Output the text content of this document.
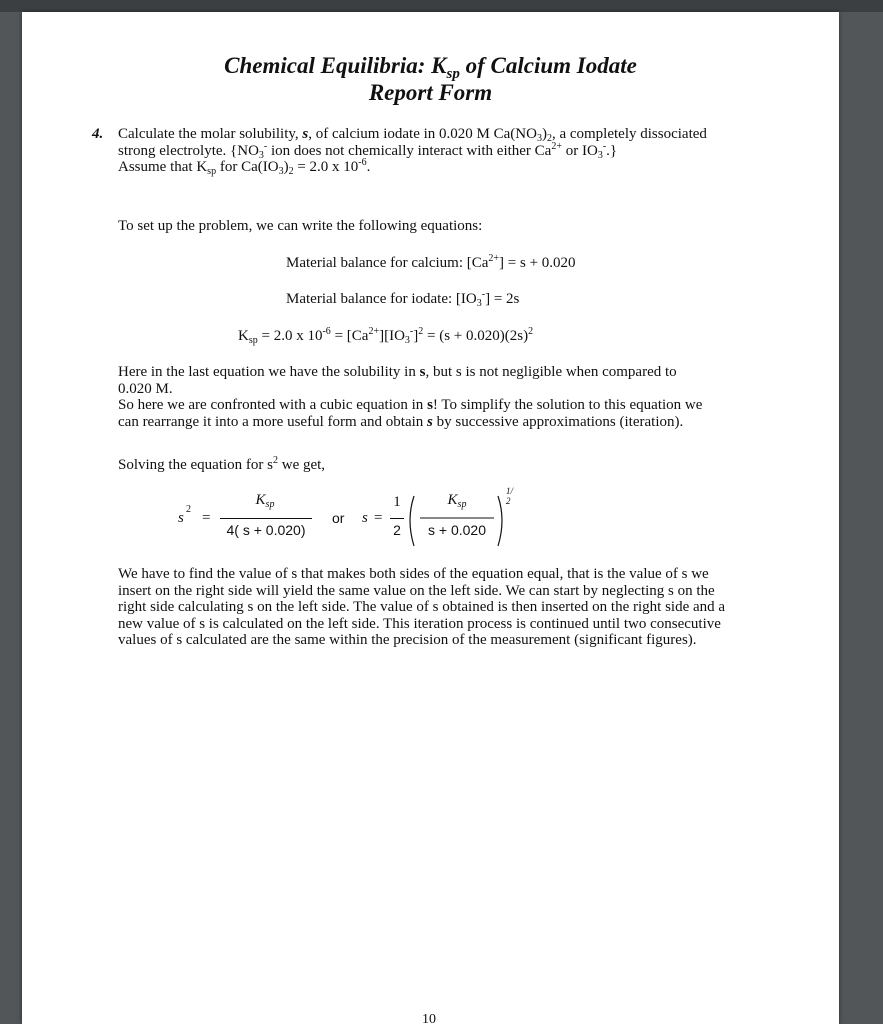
Chemical Equilibria: $K_{sp}$ of Calcium Iodate
Report Form
4. Calculate the molar solubility, s, of calcium iodate in 0.020 M $Ca(NO_3)_2$, a completely dissociated
strong electrolyte. {$NO_3^-$ ion does not chemically interact with either $Ca^{2+}$ or $IO_3^-$.}
Assume that $K_{sp}$ for $Ca(IO_3)_2 = 2.0$ x $10^{-6}$.
To set up the problem, we can write the following equations:
Material balance for calcium: $[Ca^{2+}] = s + 0.020$
Material balance for iodate: $[IO_3^-] = 2s$
$K_{sp} = 2.0$ x $10^{-6} = [Ca^{2+}][IO_3^-]^2 = (s + 0.020)(2s)^2$
Here in the last equation we have the solubility in s, but s is not negligible when compared to
0.020 M.
So here we are confronted with a cubic equation in s! To simplify the solution to this equation we
can rearrange it into a more useful form and obtain s by successive approximations (iteration).
Solving the equation for $s^2$ we get,
s
2
=
$K_{sp}$
4( s + 0.020)
or s =
1
2
$K_{sp}$
s + 0.020
1/ 2
We have to find the value of s that makes both sides of the equation equal, that is the value of s we
insert on the right side will yield the same value on the left side. We can start by neglecting s on the
right side calculating s on the left side. The value of s obtained is then inserted on the right side and a
new value of s is calculated on the left side. This iteration process is continued until two consecutive
values of s calculated are the same within the precision of the measurement (significant figures).
10
